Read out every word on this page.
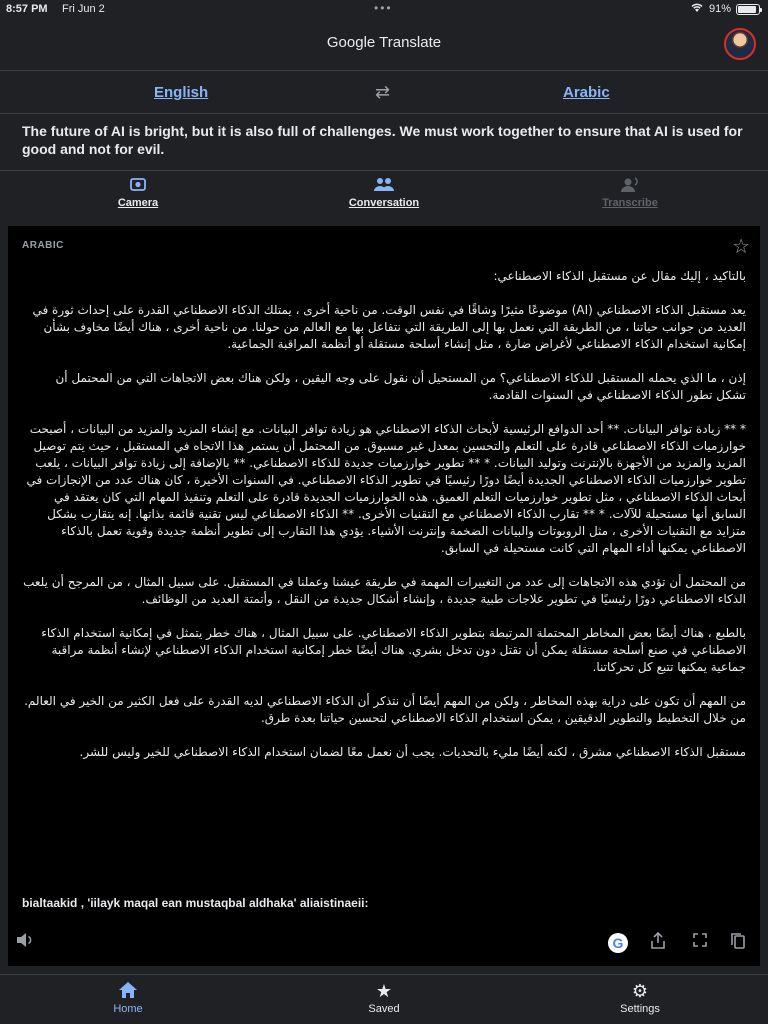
8:57 PM Fri Jun 2	•••	91%
Google Translate
English	⇄	Arabic
The future of AI is bright, but it is also full of challenges. We must work together to ensure that AI is used for good and not for evil.
Camera	Conversation	Transcribe
ARABIC	☆

بالتاكيد ، إليك مقال عن مستقبل الذكاء الاصطناعي:

يعد مستقبل الذكاء الاصطناعي (AI) موضوعًا مثيرًا وشاقًا في نفس الوقت. من ناحية أخرى ، يمتلك الذكاء الاصطناعي القدرة على إحداث ثورة في العديد من جوانب حياتنا ، من الطريقة التي نعمل بها إلى الطريقة التي نتفاعل بها مع العالم من حولنا. من ناحية أخرى ، هناك أيضًا مخاوف بشأن إمكانية استخدام الذكاء الاصطناعي لأغراض ضارة ، مثل إنشاء أسلحة مستقلة أو أنظمة المراقبة الجماعية.

إذن ، ما الذي يحمله المستقبل للذكاء الاصطناعي؟ من المستحيل أن نقول على وجه اليقين ، ولكن هناك بعض الاتجاهات التي من المحتمل أن تشكل تطور الذكاء الاصطناعي في السنوات القادمة.

* ** زيادة توافر البيانات. ** أحد الدوافع الرئيسية لأبحاث الذكاء الاصطناعي هو زيادة توافر البيانات. مع إنشاء المزيد والمزيد من البيانات ، أصبحت خوارزميات الذكاء الاصطناعي قادرة على التعلم والتحسين بمعدل غير مسبوق. من المحتمل أن يستمر هذا الاتجاه في المستقبل ، حيث يتم توصيل المزيد والمزيد من الأجهزة بالإنترنت وتوليد البيانات. * ** تطوير خوارزميات جديدة للذكاء الاصطناعي. ** بالإضافة إلى زيادة توافر البيانات ، يلعب تطوير خوارزميات الذكاء الاصطناعي الجديدة أيضًا دورًا رئيسيًا في تطوير الذكاء الاصطناعي. في السنوات الأخيرة ، كان هناك عدد من الإنجازات في أبحاث الذكاء الاصطناعي ، مثل تطوير خوارزميات التعلم العميق. هذه الخوارزميات الجديدة قادرة على التعلم وتنفيذ المهام التي كان يعتقد في السابق أنها مستحيلة للآلات. * ** تقارب الذكاء الاصطناعي مع التقنيات الأخرى. ** الذكاء الاصطناعي ليس تقنية قائمة بذاتها. إنه يتقارب بشكل متزايد مع التقنيات الأخرى ، مثل الروبوتات والبيانات الضخمة وإنترنت الأشياء. يؤدي هذا التقارب إلى تطوير أنظمة جديدة وقوية تعمل بالذكاء الاصطناعي يمكنها أداء المهام التي كانت مستحيلة في السابق.

من المحتمل أن تؤدي هذه الاتجاهات إلى عدد من التغييرات المهمة في طريقة عيشنا وعملنا في المستقبل. على سبيل المثال ، من المرجح أن يلعب الذكاء الاصطناعي دورًا رئيسيًا في تطوير علاجات طبية جديدة ، وإنشاء أشكال جديدة من النقل ، وأتمتة العديد من الوظائف.

بالطبع ، هناك أيضًا بعض المخاطر المحتملة المرتبطة بتطوير الذكاء الاصطناعي. على سبيل المثال ، هناك خطر يتمثل في إمكانية استخدام الذكاء الاصطناعي في صنع أسلحة مستقلة يمكن أن تقتل دون تدخل بشري. هناك أيضًا خطر إمكانية استخدام الذكاء الاصطناعي لإنشاء أنظمة مراقبة جماعية يمكنها تتبع كل تحركاتنا.

من المهم أن تكون على دراية بهذه المخاطر ، ولكن من المهم أيضًا أن نتذكر أن الذكاء الاصطناعي لديه القدرة على فعل الكثير من الخير في العالم. من خلال التخطيط والتطوير الدقيقين ، يمكن استخدام الذكاء الاصطناعي لتحسين حياتنا بعدة طرق.

مستقبل الذكاء الاصطناعي مشرق ، لكنه أيضًا مليء بالتحديات. يجب أن نعمل معًا لضمان استخدام الذكاء الاصطناعي للخير وليس للشر.

bialtaakid , 'iilayk maqal ean mustaqbal aldhaka' aliaistinaeii:
G
Home
★
Saved
⚙
Settings
